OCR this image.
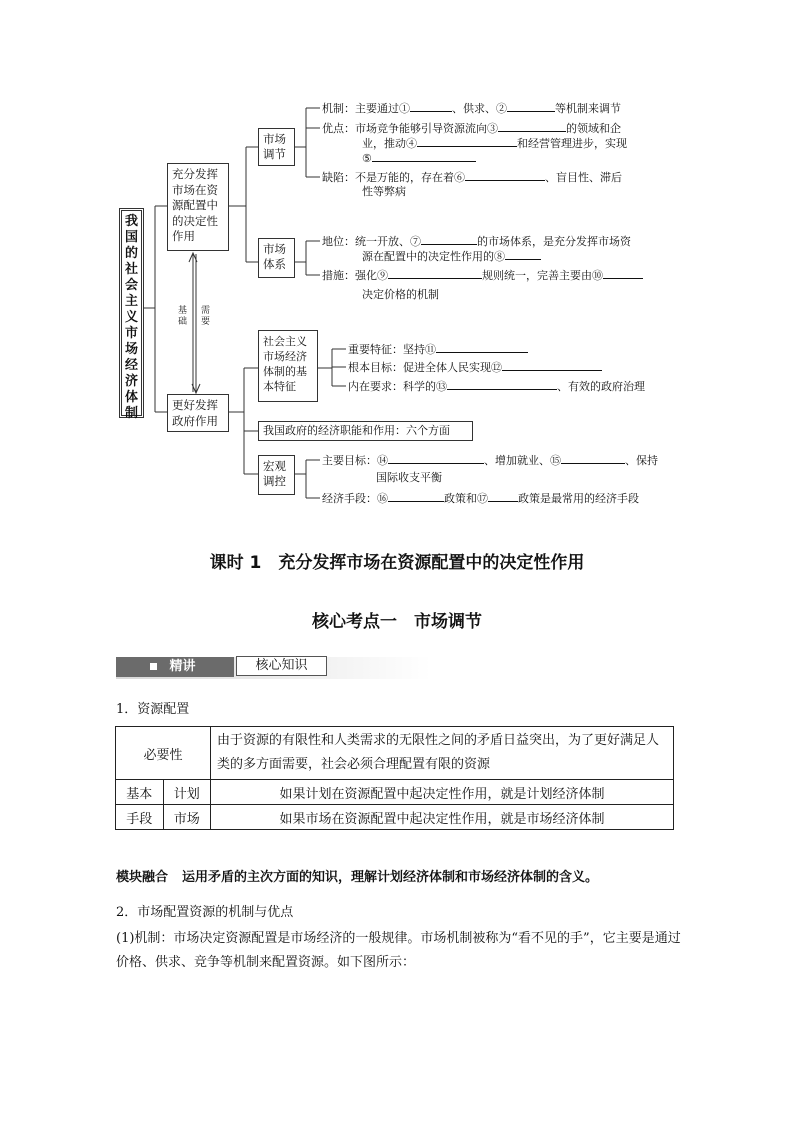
我国的社会主义市场经济体制
充分发挥市场在资源配置中的决定性作用
更好发挥政府作用
基础
需要
市场调节
市场体系
社会主义市场经济体制的基本特征
我国政府的经济职能和作用：六个方面
宏观调控
机制：主要通过①	、供求、②	等机制来调节
优点：市场竞争能够引导资源流向③	的领域和企
业，推动④	和经营管理进步，实现
⑤
缺陷：不是万能的，存在着⑥	、盲目性、滞后
性等弊病
地位：统一开放、⑦	的市场体系，是充分发挥市场资
源在配置中的决定性作用的⑧
措施：强化⑨	规则统一，完善主要由⑩
决定价格的机制
重要特征：坚持⑪
根本目标：促进全体人民实现⑫
内在要求：科学的⑬	、有效的政府治理
主要目标：⑭	、增加就业、⑮	、保持
国际收支平衡
经济手段：⑯	政策和⑰	政策是最常用的经济手段
课时 1　充分发挥市场在资源配置中的决定性作用
核心考点一　市场调节
精讲	核心知识
1．资源配置
必要性		由于资源的有限性和人类需求的无限性之间的矛盾日益突出，为了更好满足人类的多方面需要，社会必须合理配置有限的资源

基本	计划	如果计划在资源配置中起决定性作用，就是计划经济体制
手段	市场	如果市场在资源配置中起决定性作用，就是市场经济体制
模块融合 运用矛盾的主次方面的知识，理解计划经济体制和市场经济体制的含义。
2．市场配置资源的机制与优点
(1)机制：市场决定资源配置是市场经济的一般规律。市场机制被称为“看不见的手”，它主要是通过价格、供求、竞争等机制来配置资源。如下图所示：
